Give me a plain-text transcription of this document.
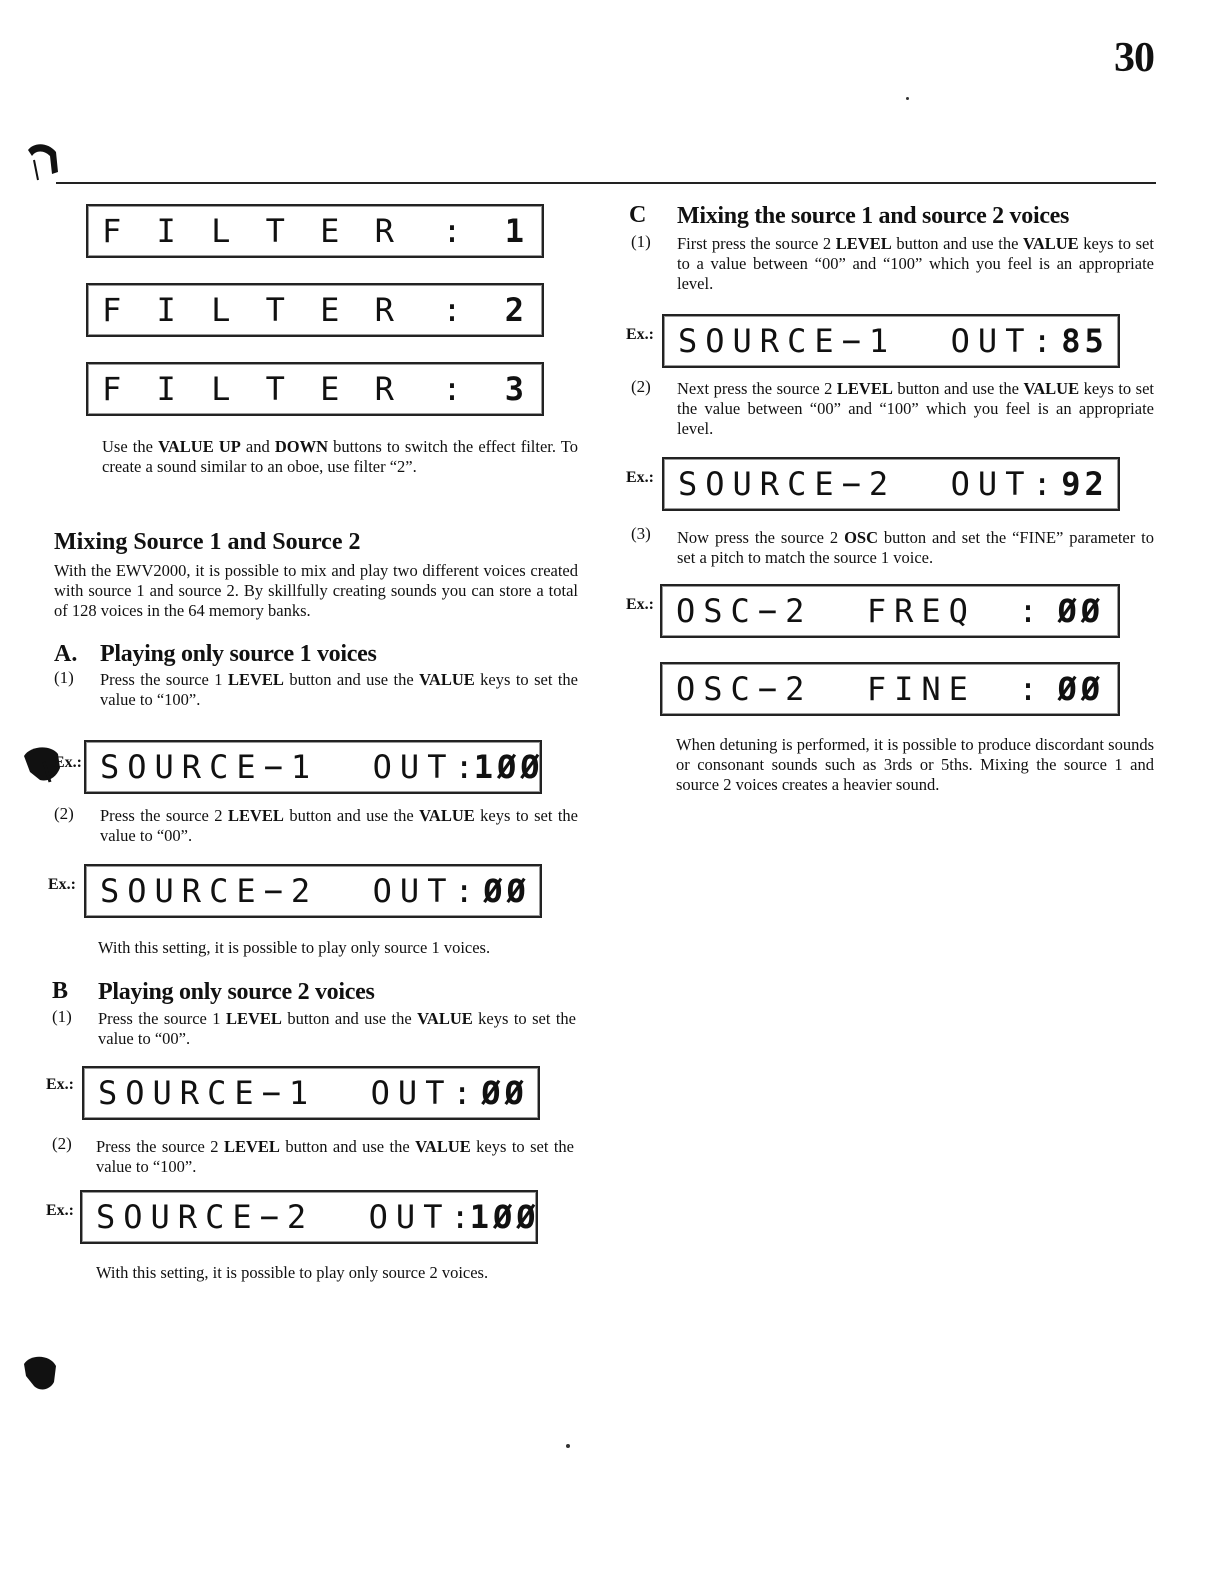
30
F I L T E R	:	1
F I L T E R	:	2
F I L T E R	:	3
Use the VALUE UP and DOWN buttons to switch the effect filter. To create a sound similar to an oboe, use filter “2”.
Mixing Source 1 and Source 2
With the EWV2000, it is possible to mix and play two different voices created with source 1 and source 2. By skillfully creating sounds you can store a total of 128 voices in the 64 memory banks.
A. Playing only source 1 voices
(1) Press the source 1 LEVEL button and use the VALUE keys to set the value to “100”.
Ex.: SOURCE−1  OUT : 1ØØ
(2) Press the source 2 LEVEL button and use the VALUE keys to set the value to “00”.
Ex.: SOURCE−2  OUT : ØØ
With this setting, it is possible to play only source 1 voices.
B Playing only source 2 voices
(1) Press the source 1 LEVEL button and use the VALUE keys to set the value to “00”.
Ex.: SOURCE−1  OUT : ØØ
(2) Press the source 2 LEVEL button and use the VALUE keys to set the value to “100”.
Ex.: SOURCE−2  OUT : 1ØØ
With this setting, it is possible to play only source 2 voices.
C Mixing the source 1 and source 2 voices
(1) First press the source 2 LEVEL button and use the VALUE keys to set to a value between “00” and “100” which you feel is an appropriate level.
Ex.: SOURCE−1  OUT : 85
(2) Next press the source 2 LEVEL button and use the VALUE keys to set the value between “00” and “100” which you feel is an appropriate level.
Ex.: SOURCE−2  OUT : 92
(3) Now press the source 2 OSC button and set the “FINE” parameter to set a pitch to match the source 1 voice.
Ex.: OSC−2  FREQ	: ØØ
OSC−2  FINE	: ØØ
When detuning is performed, it is possible to produce discordant sounds or consonant sounds such as 3rds or 5ths. Mixing the source 1 and source 2 voices creates a heavier sound.
